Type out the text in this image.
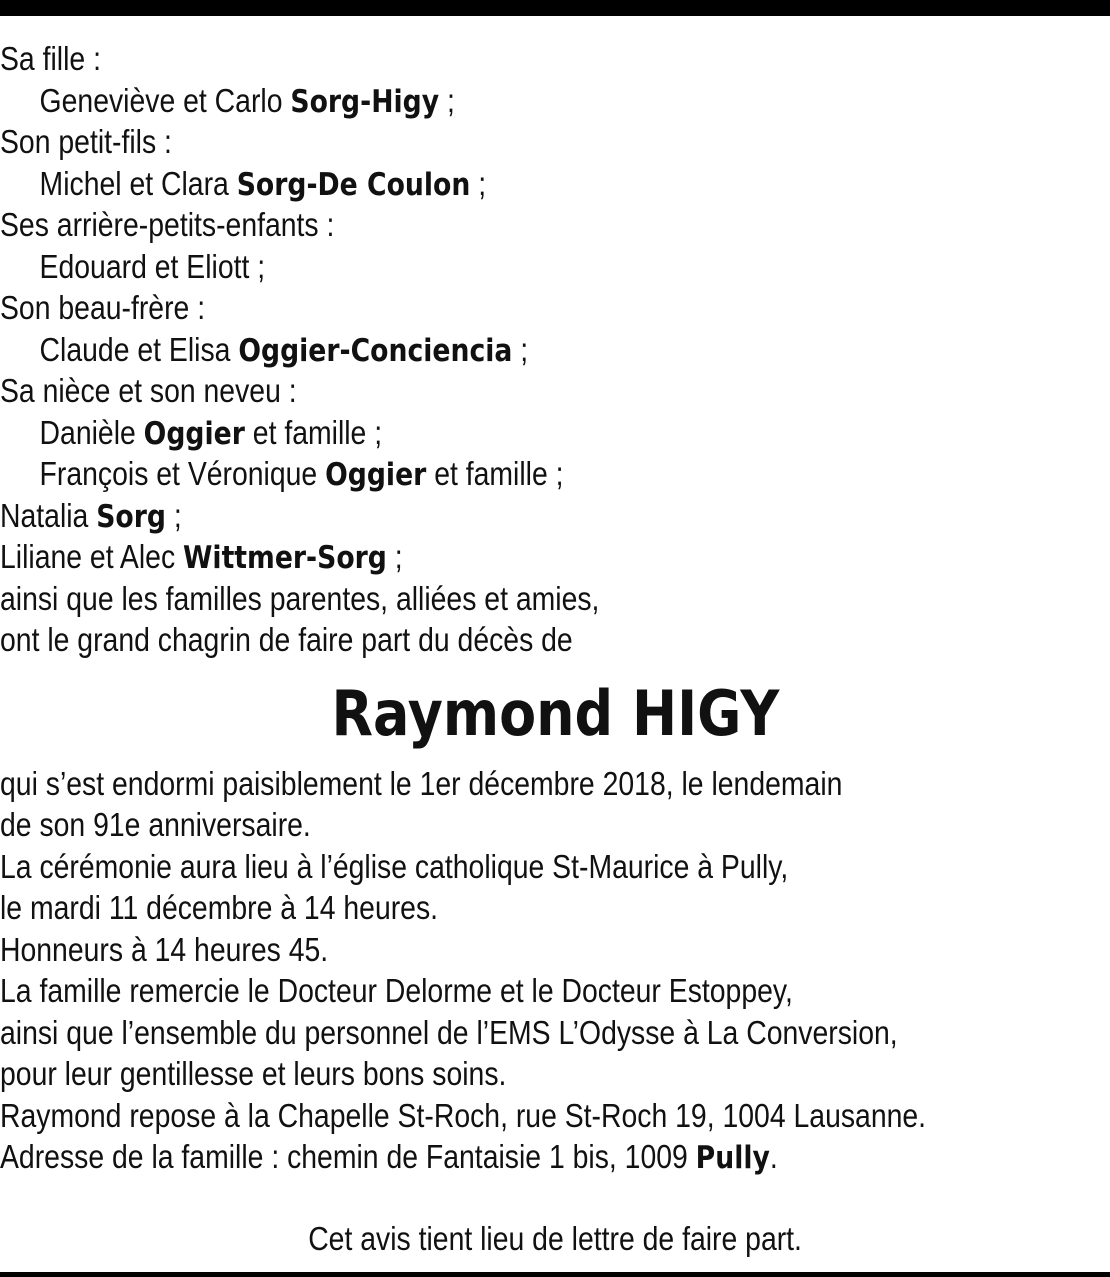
Sa fille :
Geneviève et Carlo Sorg-Higy ;
Son petit-fils :
Michel et Clara Sorg-De Coulon ;
Ses arrière-petits-enfants :
Edouard et Eliott ;
Son beau-frère :
Claude et Elisa Oggier-Conciencia ;
Sa nièce et son neveu :
Danièle Oggier et famille ;
François et Véronique Oggier et famille ;
Natalia Sorg ;
Liliane et Alec Wittmer-Sorg ;
ainsi que les familles parentes, alliées et amies,
ont le grand chagrin de faire part du décès de
Raymond HIGY
qui s’est endormi paisiblement le 1er décembre 2018, le lendemain
de son 91e anniversaire.
La cérémonie aura lieu à l’église catholique St-Maurice à Pully,
le mardi 11 décembre à 14 heures.
Honneurs à 14 heures 45.
La famille remercie le Docteur Delorme et le Docteur Estoppey,
ainsi que l’ensemble du personnel de l’EMS L’Odysse à La Conversion,
pour leur gentillesse et leurs bons soins.
Raymond repose à la Chapelle St-Roch, rue St-Roch 19, 1004 Lausanne.
Adresse de la famille : chemin de Fantaisie 1 bis, 1009 Pully.
Cet avis tient lieu de lettre de faire part.
